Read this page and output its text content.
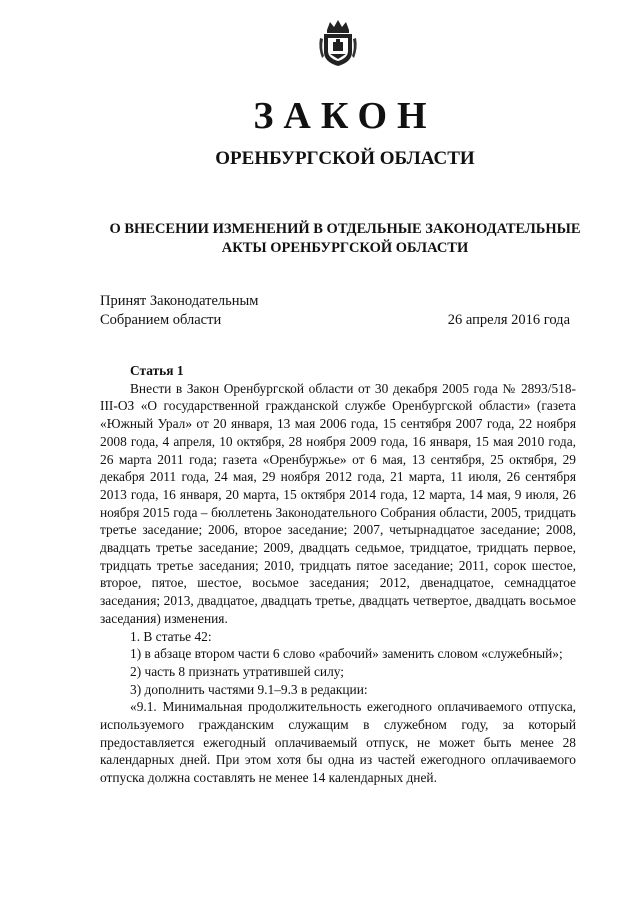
ЗАКОН
ОРЕНБУРГСКОЙ ОБЛАСТИ
О ВНЕСЕНИИ ИЗМЕНЕНИЙ В ОТДЕЛЬНЫЕ ЗАКОНОДАТЕЛЬНЫЕ АКТЫ ОРЕНБУРГСКОЙ ОБЛАСТИ
Принят Законодательным
Собранием области	26 апреля 2016 года

Статья 1

Внести в Закон Оренбургской области от 30 декабря 2005 года № 2893/518-III-ОЗ «О государственной гражданской службе Оренбургской области» (газета «Южный Урал» от 20 января, 13 мая 2006 года, 15 сентября 2007 года, 22 ноября 2008 года, 4 апреля, 10 октября, 28 ноября 2009 года, 16 января, 15 мая 2010 года, 26 марта 2011 года; газета «Оренбуржье» от 6 мая, 13 сентября, 25 октября, 29 декабря 2011 года, 24 мая, 29 ноября 2012 года, 21 марта, 11 июля, 26 сентября 2013 года, 16 января, 20 марта, 15 октября 2014 года, 12 марта, 14 мая, 9 июля, 26 ноября 2015 года – бюллетень Законодательного Собрания области, 2005, тридцать третье заседание; 2006, второе заседание; 2007, четырнадцатое заседание; 2008, двадцать третье заседание; 2009, двадцать седьмое, тридцатое, тридцать первое, тридцать третье заседания; 2010, тридцать пятое заседание; 2011, сорок шестое, второе, пятое, шестое, восьмое заседания; 2012, двенадцатое, семнадцатое заседания; 2013, двадцатое, двадцать третье, двадцать четвертое, двадцать восьмое заседания) изменения.

1. В статье 42:

1) в абзаце втором части 6 слово «рабочий» заменить словом «служебный»;

2) часть 8 признать утратившей силу;

3) дополнить частями 9.1–9.3 в редакции:

«9.1. Минимальная продолжительность ежегодного оплачиваемого отпуска, используемого гражданским служащим в служебном году, за который предоставляется ежегодный оплачиваемый отпуск, не может быть менее 28 календарных дней. При этом хотя бы одна из частей ежегодного оплачиваемого отпуска должна составлять не менее 14 календарных дней.
